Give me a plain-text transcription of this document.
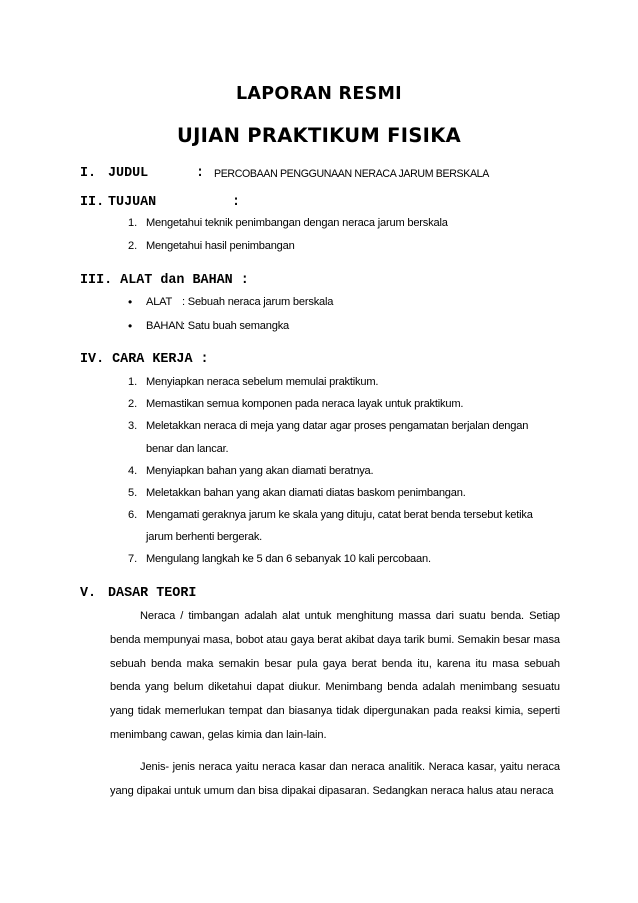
LAPORAN RESMI
UJIAN PRAKTIKUM FISIKA
I. JUDUL	: PERCOBAAN PENGGUNAAN NERACA JARUM BERSKALA
II. TUJUAN	:
1. Mengetahui teknik penimbangan dengan neraca jarum berskala
2. Mengetahui hasil penimbangan
III. ALAT dan BAHAN :
• ALAT : Sebuah neraca jarum berskala
• BAHAN
: Satu buah semangka
IV. CARA KERJA :
1. Menyiapkan neraca sebelum memulai praktikum.
2. Memastikan semua komponen pada neraca layak untuk praktikum.
3. Meletakkan neraca di meja yang datar agar proses pengamatan berjalan dengan
benar dan lancar.
4. Menyiapkan bahan yang akan diamati beratnya.
5. Meletakkan bahan yang akan diamati diatas baskom penimbangan.
6. Mengamati geraknya jarum ke skala yang dituju, catat berat benda tersebut ketika
jarum berhenti bergerak.
7. Mengulang langkah ke 5 dan 6 sebanyak 10 kali percobaan.
V. DASAR TEORI

Neraca / timbangan adalah alat untuk menghitung massa dari suatu benda. Setiap benda mempunyai masa, bobot atau gaya berat akibat daya tarik bumi. Semakin besar masa sebuah benda maka semakin besar pula gaya berat benda itu, karena itu masa sebuah benda yang belum diketahui dapat diukur. Menimbang benda adalah menimbang sesuatu yang tidak memerlukan tempat dan biasanya tidak dipergunakan pada reaksi kimia, seperti menimbang cawan, gelas kimia dan lain-lain.

Jenis- jenis neraca yaitu neraca kasar dan neraca analitik. Neraca kasar, yaitu neraca yang dipakai untuk umum dan bisa dipakai dipasaran. Sedangkan neraca halus atau neraca
